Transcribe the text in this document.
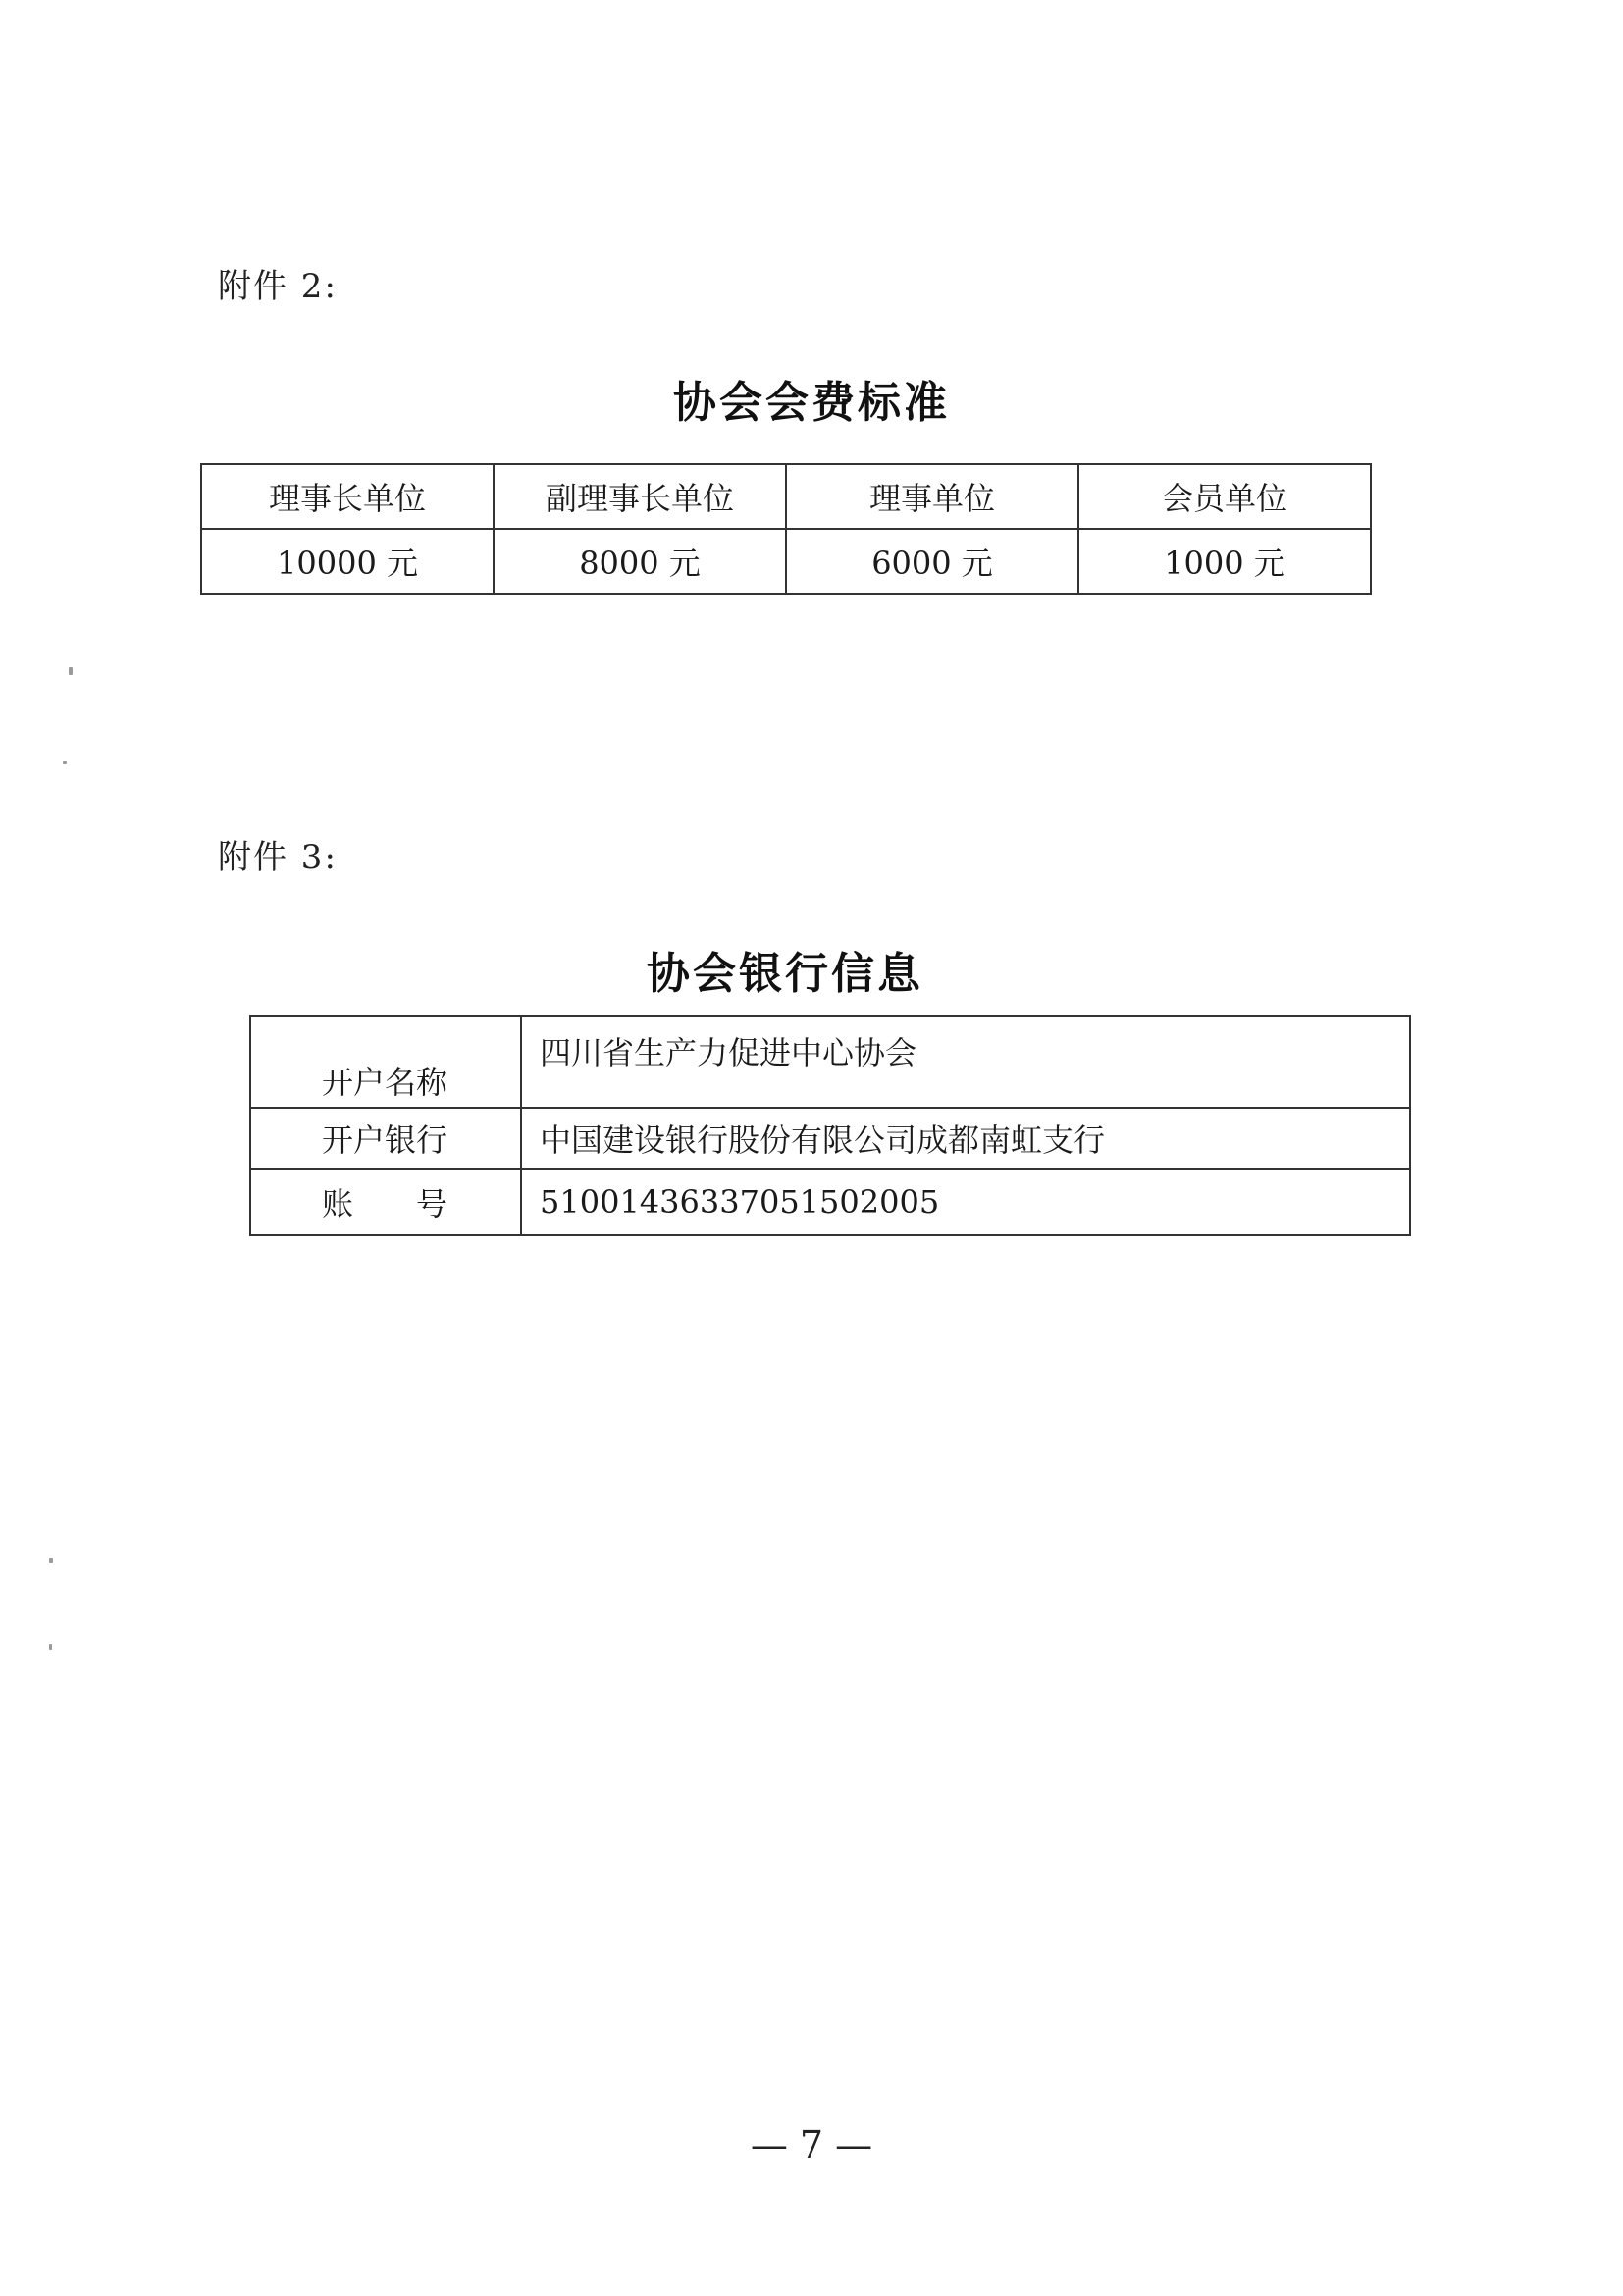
附件 2:
协会会费标准
理事长单位	副理事长单位	理事单位	会员单位
10000 元	8000 元	6000 元	1000 元
附件 3:
协会银行信息
开户名称	四川省生产力促进中心协会
开户银行	中国建设银行股份有限公司成都南虹支行
账号	51001436337051502005
— 7 —
